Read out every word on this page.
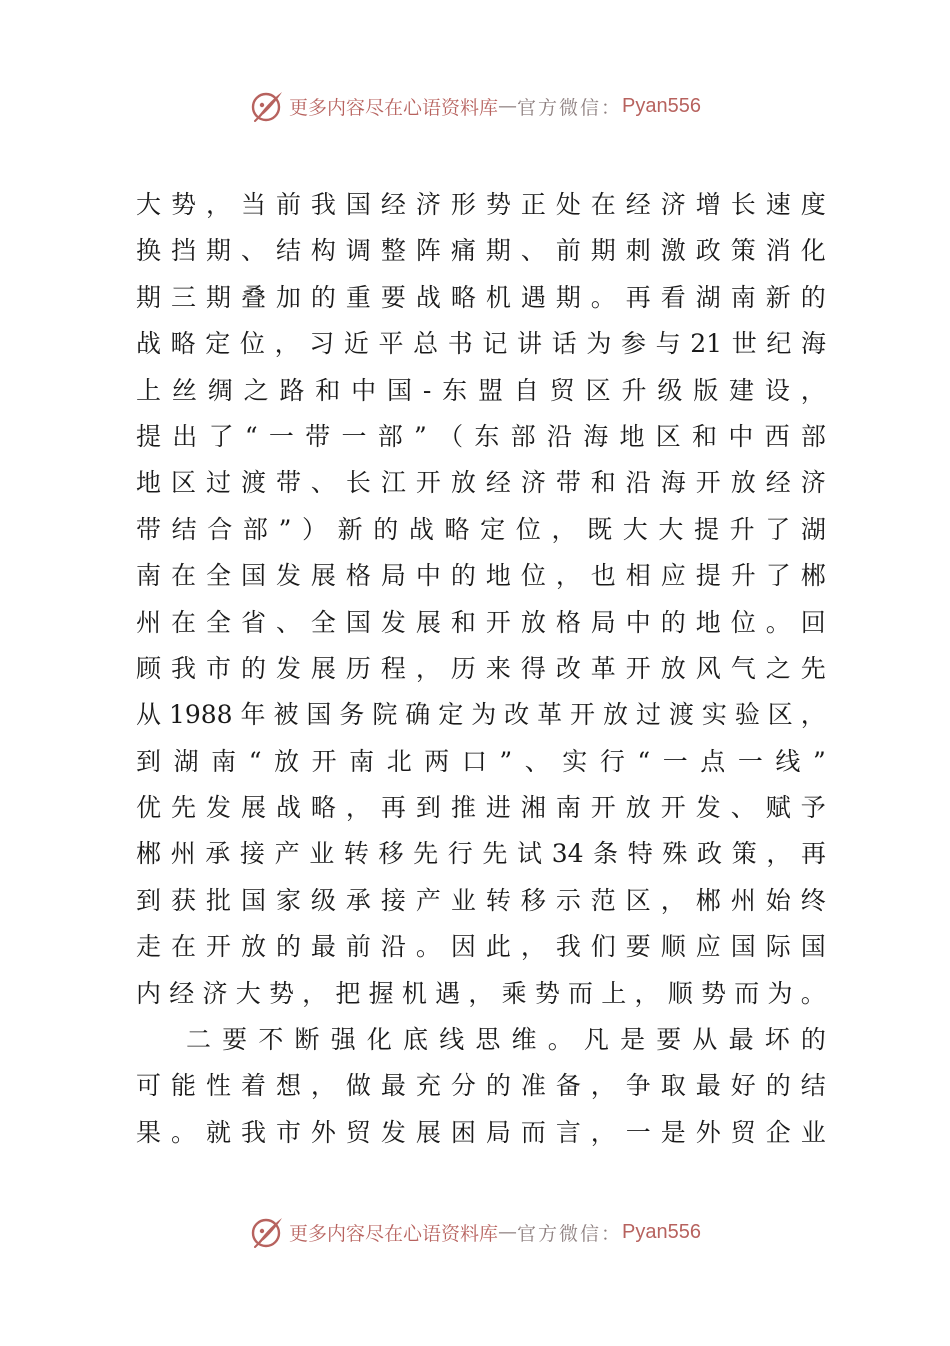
更多内容尽在心语资料库 — 官方微信： Pyan556
大 势 ， 当 前 我 国 经 济 形 势 正 处 在 经 济 增 长 速 度
换 挡 期 、 结 构 调 整 阵 痛 期 、 前 期 刺 激 政 策 消 化
期 三 期 叠 加 的 重 要 战 略 机 遇 期 。 再 看 湖 南 新 的
战 略 定 位 ， 习 近 平 总 书 记 讲 话 为 参 与 21 世 纪 海
上 丝 绸 之 路 和 中 国 - 东 盟 自 贸 区 升 级 版 建 设 ，
提 出 了 “ 一 带 一 部 ” （ 东 部 沿 海 地 区 和 中 西 部
地 区 过 渡 带 、 长 江 开 放 经 济 带 和 沿 海 开 放 经 济
带 结 合 部 ” ） 新 的 战 略 定 位 ， 既 大 大 提 升 了 湖
南 在 全 国 发 展 格 局 中 的 地 位 ， 也 相 应 提 升 了 郴
州 在 全 省 、 全 国 发 展 和 开 放 格 局 中 的 地 位 。 回
顾 我 市 的 发 展 历 程 ， 历 来 得 改 革 开 放 风 气 之 先
从 1988 年 被 国 务 院 确 定 为 改 革 开 放 过 渡 实 验 区 ，
到 湖 南 “ 放 开 南 北 两 口 ” 、 实 行 “ 一 点 一 线 ”
优 先 发 展 战 略 ， 再 到 推 进 湘 南 开 放 开 发 、 赋 予
郴 州 承 接 产 业 转 移 先 行 先 试 34 条 特 殊 政 策 ， 再
到 获 批 国 家 级 承 接 产 业 转 移 示 范 区 ， 郴 州 始 终
走 在 开 放 的 最 前 沿 。 因 此 ， 我 们 要 顺 应 国 际 国
内 经 济 大 势 ， 把 握 机 遇 ， 乘 势 而 上 ， 顺 势 而 为 。
二 要 不 断 强 化 底 线 思 维 。 凡 是 要 从 最 坏 的
可 能 性 着 想 ， 做 最 充 分 的 准 备 ， 争 取 最 好 的 结
果 。 就 我 市 外 贸 发 展 困 局 而 言 ， 一 是 外 贸 企 业
更多内容尽在心语资料库 — 官方微信： Pyan556
